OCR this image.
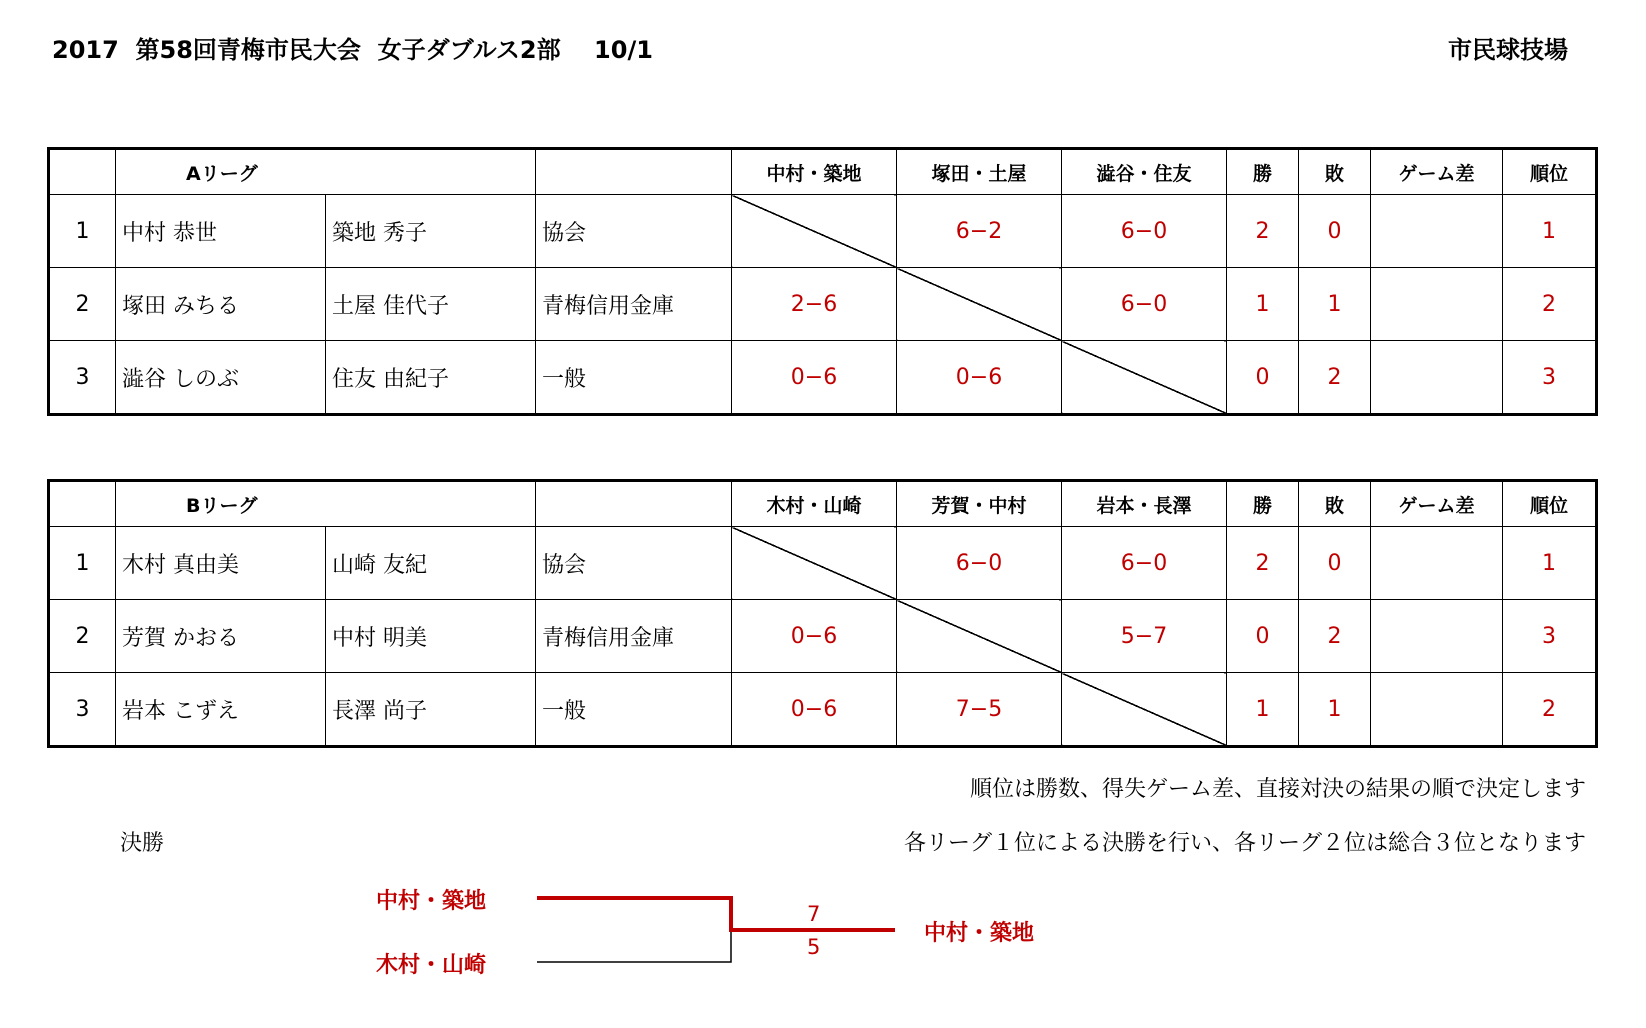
2017  第58回青梅市民大会  女子ダブルス2部    10/1	市民球技場
	Aリーグ			中村・築地	塚田・土屋	澁谷・住友	勝	敗	ゲーム差	順位
1	中村 恭世	築地 秀子	協会		6−2	6−0	2	0		1
2	塚田 みちる	土屋 佳代子	青梅信用金庫	2−6		6−0	1	1		2
3	澁谷 しのぶ	住友 由紀子	一般	0−6	0−6		0	2		3
	Bリーグ			木村・山崎	芳賀・中村	岩本・長澤	勝	敗	ゲーム差	順位
1	木村 真由美	山崎 友紀	協会		6−0	6−0	2	0		1
2	芳賀 かおる	中村 明美	青梅信用金庫	0−6		5−7	0	2		3
3	岩本 こずえ	長澤 尚子	一般	0−6	7−5		1	1		2
順位は勝数、得失ゲーム差、直接対決の結果の順で決定します
各リーグ１位による決勝を行い、各リーグ２位は総合３位となります
決勝
中村・築地
木村・山崎
7
5
中村・築地
